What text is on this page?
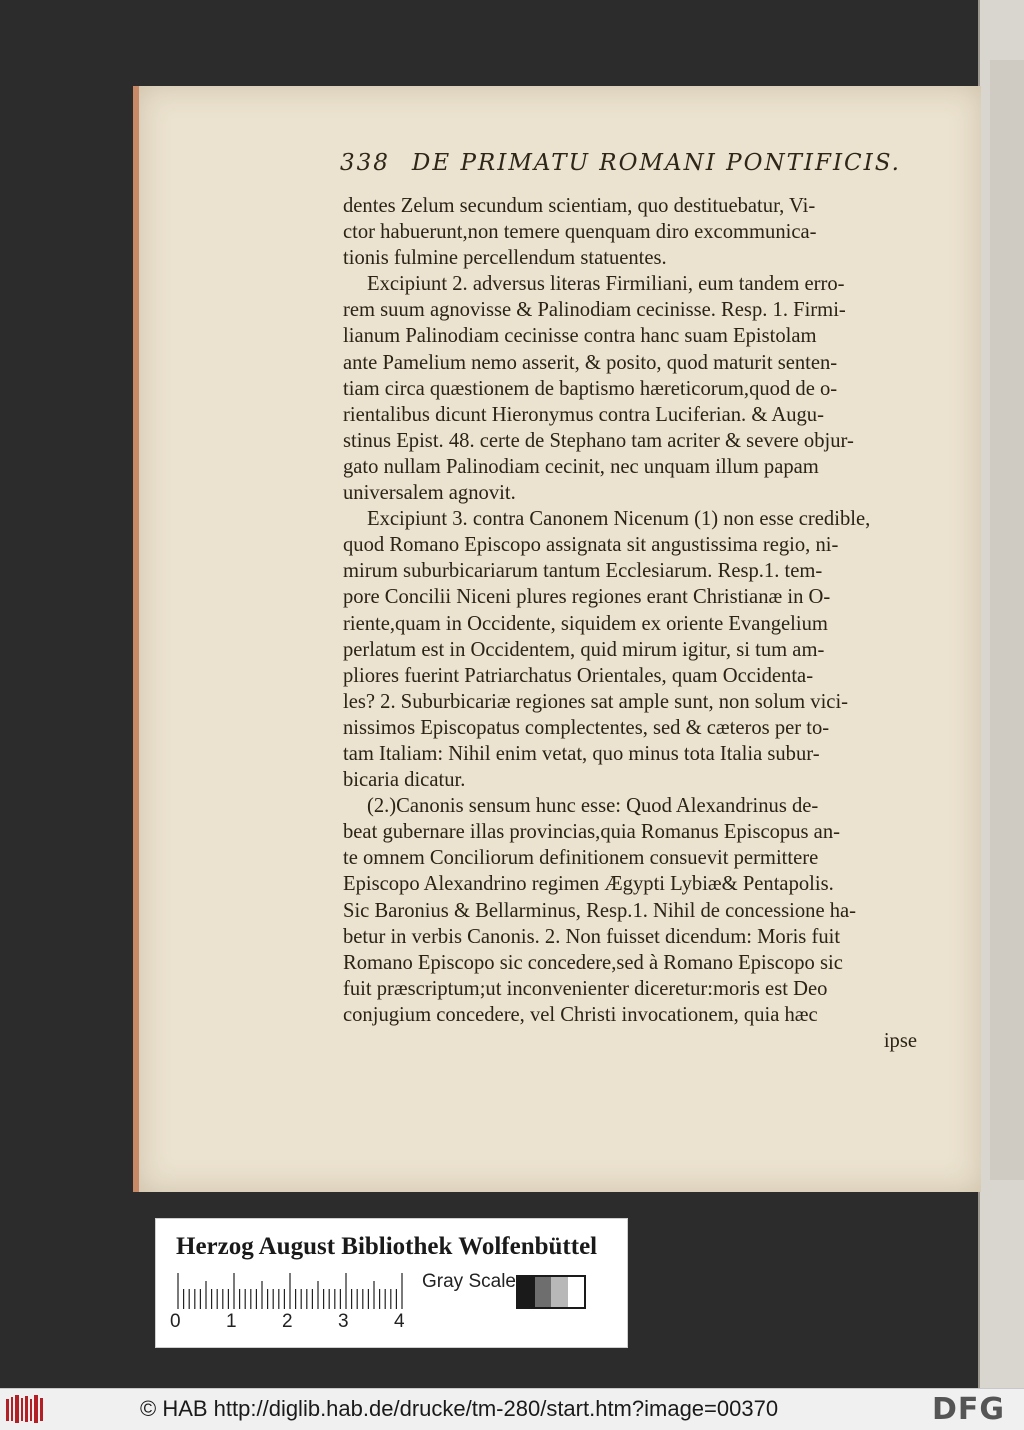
338 DE PRIMATU ROMANI PONTIFICIS.
dentes Zelum secundum scientiam, quo destituebatur, Vi-
ctor habuerunt,non temere quenquam diro excommunica-
tionis fulmine percellendum statuentes.
Excipiunt 2. adversus literas Firmiliani, eum tandem erro-
rem suum agnovisse & Palinodiam cecinisse. Resp. 1. Firmi-
lianum Palinodiam cecinisse contra hanc suam Epistolam
ante Pamelium nemo asserit, & posito, quod maturit senten-
tiam circa quæstionem de baptismo hæreticorum,quod de o-
rientalibus dicunt Hieronymus contra Luciferian. & Augu-
stinus Epist. 48. certe de Stephano tam acriter & severe objur-
gato nullam Palinodiam cecinit, nec unquam illum papam
universalem agnovit.
Excipiunt 3. contra Canonem Nicenum (1) non esse credible,
quod Romano Episcopo assignata sit angustissima regio, ni-
mirum suburbicariarum tantum Ecclesiarum. Resp.1. tem-
pore Concilii Niceni plures regiones erant Christianæ in O-
riente,quam in Occidente, siquidem ex oriente Evangelium
perlatum est in Occidentem, quid mirum igitur, si tum am-
pliores fuerint Patriarchatus Orientales, quam Occidenta-
les? 2. Suburbicariæ regiones sat ample sunt, non solum vici-
nissimos Episcopatus complectentes, sed & cæteros per to-
tam Italiam: Nihil enim vetat, quo minus tota Italia subur-
bicaria dicatur.
(2.)Canonis sensum hunc esse: Quod Alexandrinus de-
beat gubernare illas provincias,quia Romanus Episcopus an-
te omnem Conciliorum definitionem consuevit permittere
Episcopo Alexandrino regimen Ægypti Lybiæ& Pentapolis.
Sic Baronius & Bellarminus, Resp.1. Nihil de concessione ha-
betur in verbis Canonis. 2. Non fuisset dicendum: Moris fuit
Romano Episcopo sic concedere,sed à Romano Episcopo sic
fuit præscriptum;ut inconvenienter diceretur:moris est Deo
conjugium concedere, vel Christi invocationem, quia hæc
ipse
Herzog August Bibliothek Wolfenbüttel
0 1 2 3 4
Gray Scale
© HAB http://diglib.hab.de/drucke/tm-280/start.htm?image=00370	DFG
